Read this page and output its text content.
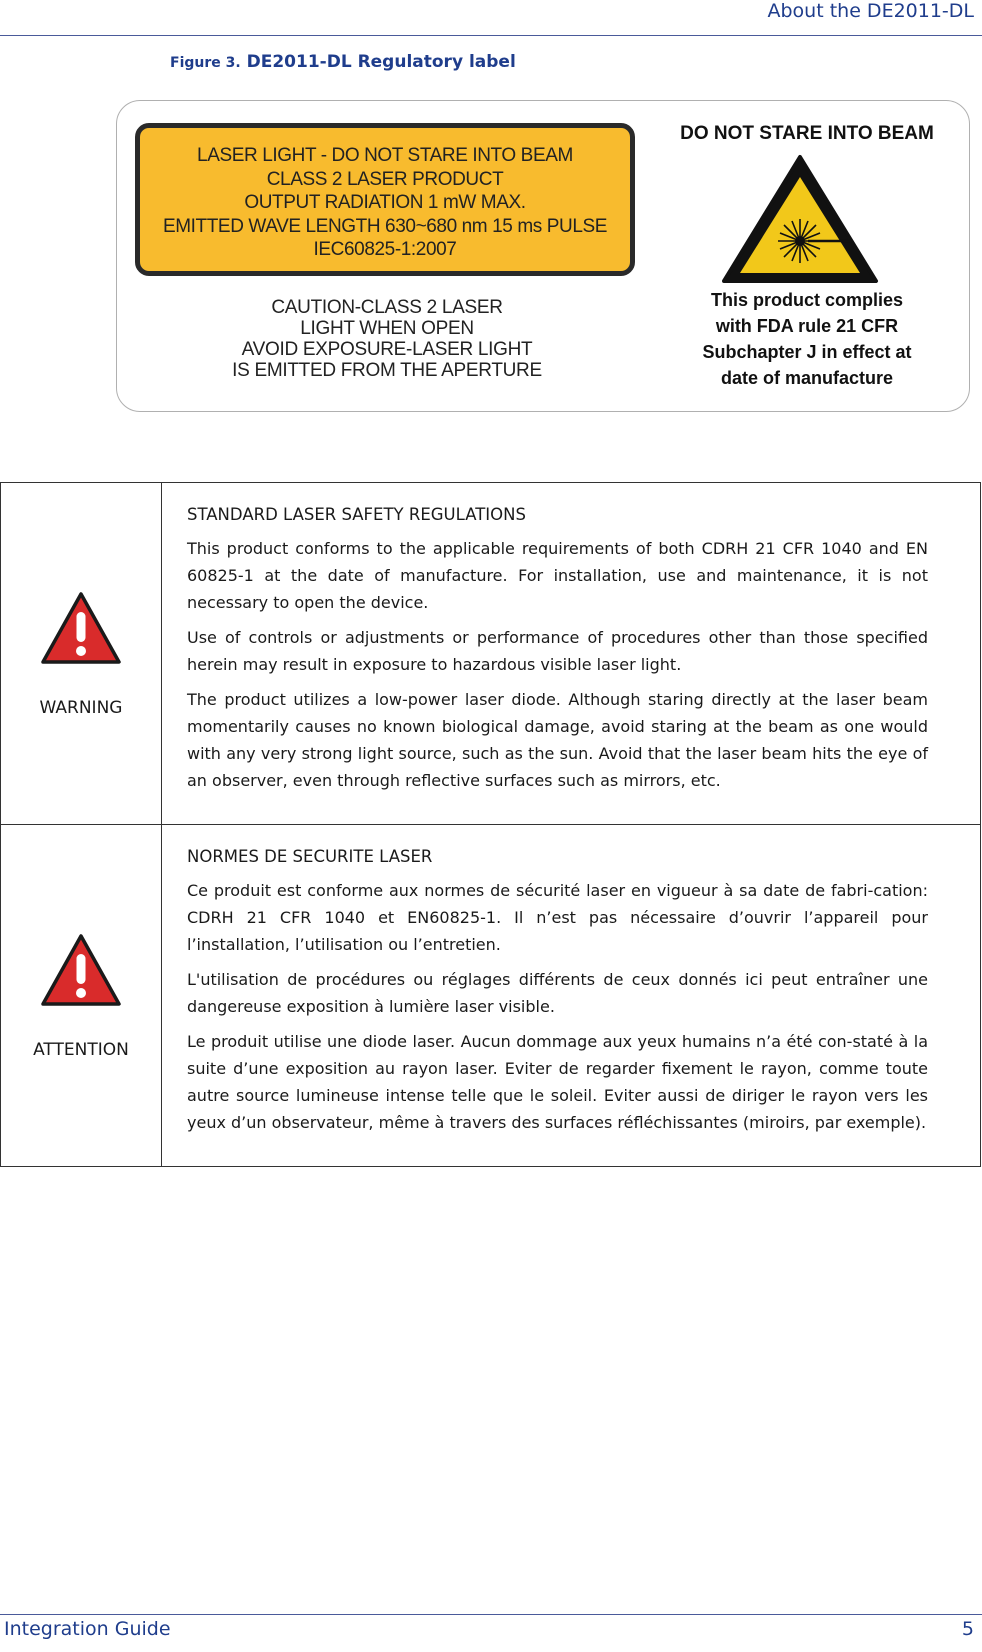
About the DE2011-DL
Figure 3. DE2011-DL Regulatory label
LASER LIGHT - DO NOT STARE INTO BEAM
CLASS 2 LASER PRODUCT
OUTPUT RADIATION 1 mW MAX.
EMITTED WAVE LENGTH 630~680 nm 15 ms PULSE
IEC60825-1:2007
CAUTION-CLASS 2 LASER
LIGHT WHEN OPEN
AVOID EXPOSURE-LASER LIGHT
IS EMITTED FROM THE APERTURE
DO NOT STARE INTO BEAM
This product complies
with FDA rule 21 CFR
Subchapter J in effect at
date of manufacture
WARNING	STANDARD LASER SAFETY REGULATIONS

This product conforms to the applicable requirements of both CDRH 21 CFR 1040 and EN 60825-1 at the date of manufacture. For installation, use and maintenance, it is not necessary to open the device.

Use of controls or adjustments or performance of procedures other than those specified herein may result in exposure to hazardous visible laser light.

The product utilizes a low-power laser diode. Although staring directly at the laser beam momentarily causes no known biological damage, avoid staring at the beam as one would with any very strong light source, such as the sun. Avoid that the laser beam hits the eye of an observer, even through reflective surfaces such as mirrors, etc.

ATTENTION	NORMES DE SECURITE LASER

Ce produit est conforme aux normes de sécurité laser en vigueur à sa date de fabri-cation: CDRH 21 CFR 1040 et EN60825-1. Il n’est pas nécessaire d’ouvrir l’appareil pour l’installation, l’utilisation ou l’entretien.

L'utilisation de procédures ou réglages différents de ceux donnés ici peut entraîner une dangereuse exposition à lumière laser visible.

Le produit utilise une diode laser. Aucun dommage aux yeux humains n’a été con-staté à la suite d’une exposition au rayon laser. Eviter de regarder fixement le rayon, comme toute autre source lumineuse intense telle que le soleil. Eviter aussi de diriger le rayon vers les yeux d’un observateur, même à travers des surfaces réfléchissantes (miroirs, par exemple).

Integration Guide	5
